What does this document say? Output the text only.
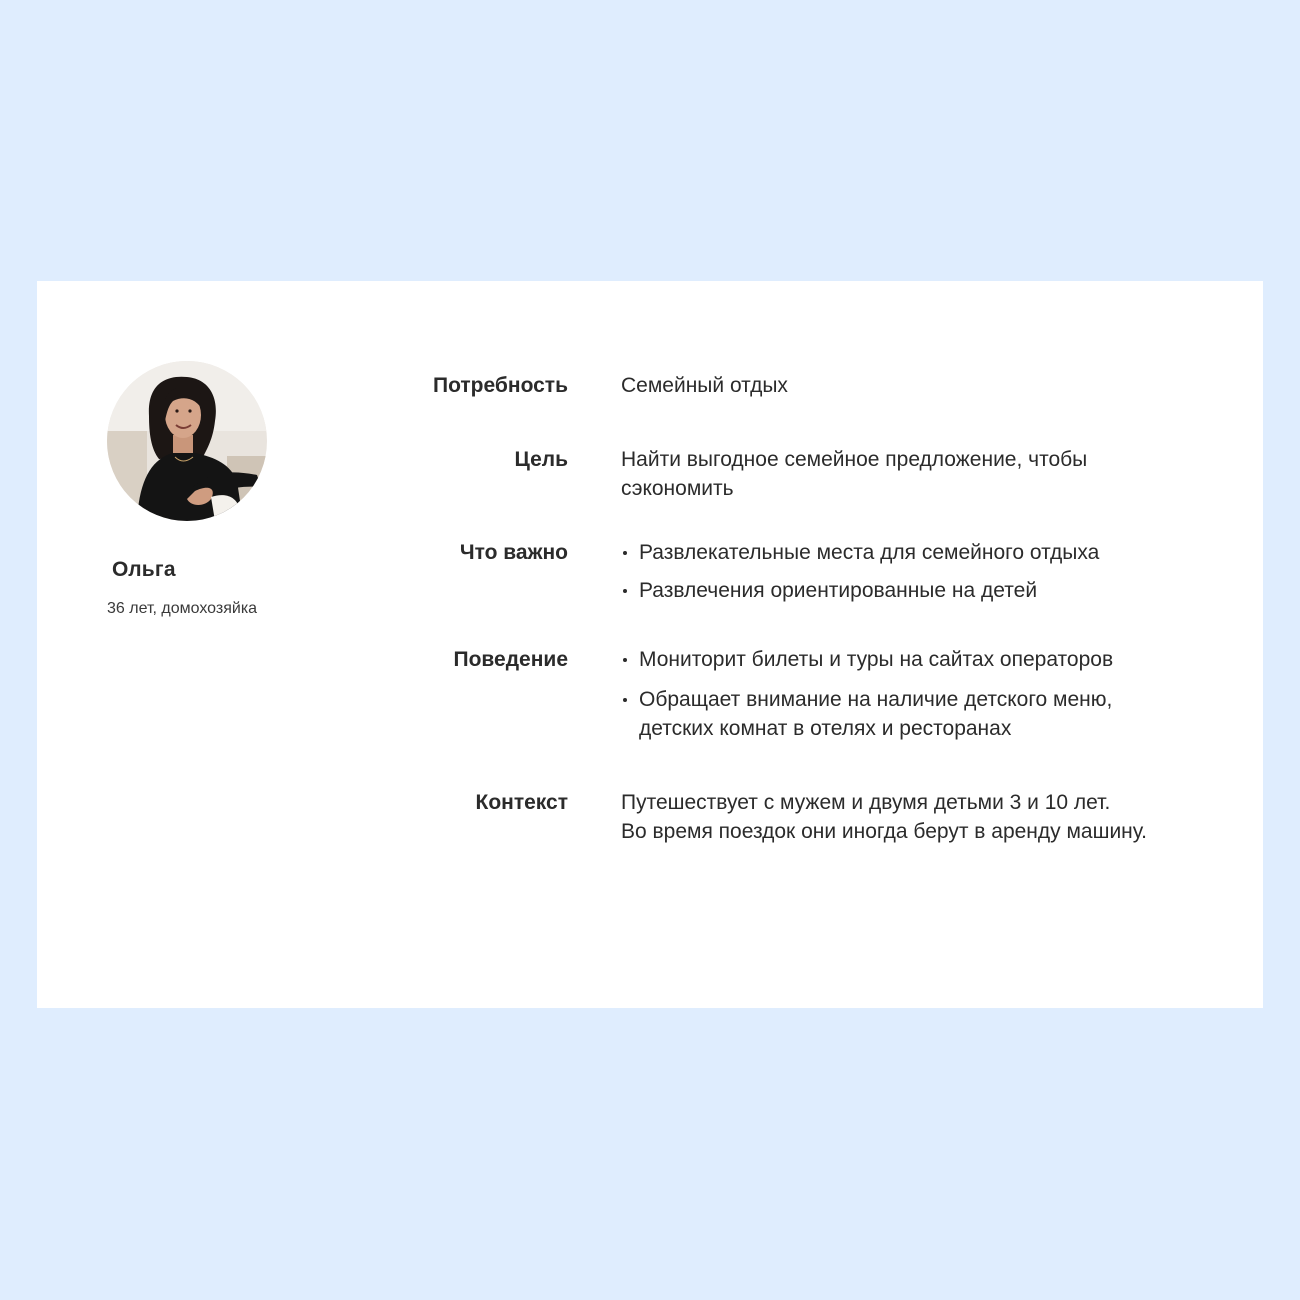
Ольга
36 лет, домохозяйка
Потребность	Семейный отдых
Цель	Найти выгодное семейное предложение, чтобы
сэкономить
Что важно	Развлекательные места для семейного отдыха
Развлечения ориентированные на детей
Поведение	Мониторит билеты и туры на сайтах операторов
Обращает внимание на наличие детского меню,
детских комнат в отелях и ресторанах
Контекст	Путешествует с мужем и двумя детьми 3 и 10 лет.
Во время поездок они иногда берут в аренду машину.
